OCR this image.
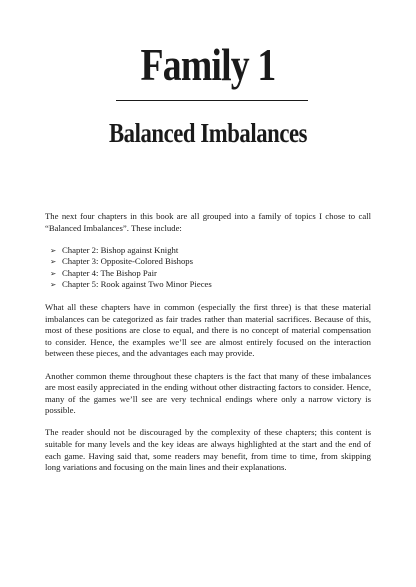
Family 1
Balanced Imbalances

The next four chapters in this book are all grouped into a family of topics I chose to call “Balanced Imbalances”. These include:

➢ Chapter 2: Bishop against Knight
➢ Chapter 3: Opposite-Colored Bishops
➢ Chapter 4: The Bishop Pair
➢ Chapter 5: Rook against Two Minor Pieces

What all these chapters have in common (especially the first three) is that these material imbalances can be categorized as fair trades rather than material sacrifices. Because of this, most of these positions are close to equal, and there is no concept of material compensation to consider. Hence, the examples we’ll see are almost entirely focused on the interaction between these pieces, and the advantages each may provide.

Another common theme throughout these chapters is the fact that many of these imbalances are most easily appreciated in the ending without other distracting factors to consider. Hence, many of the games we’ll see are very technical endings where only a narrow victory is possible.

The reader should not be discouraged by the complexity of these chapters; this content is suitable for many levels and the key ideas are always highlighted at the start and the end of each game. Having said that, some readers may benefit, from time to time, from skipping long variations and focusing on the main lines and their explanations.
